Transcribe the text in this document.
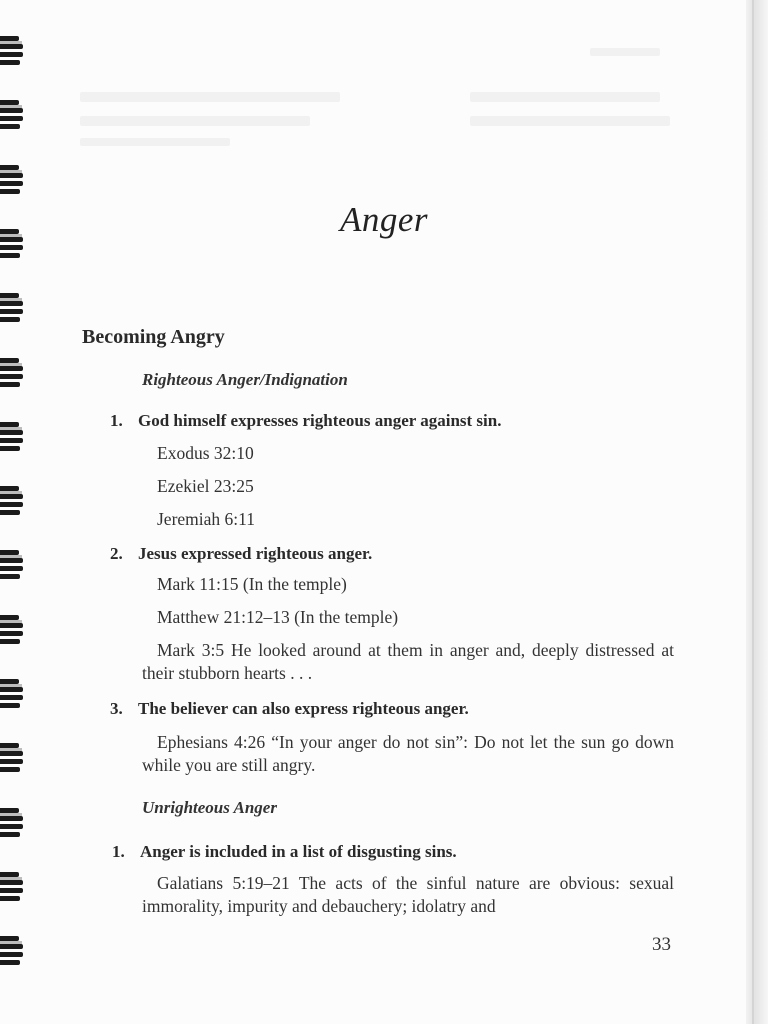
Anger
Becoming Angry
Righteous Anger/Indignation
1. God himself expresses righteous anger against sin.
Exodus 32:10
Ezekiel 23:25
Jeremiah 6:11
2. Jesus expressed righteous anger.
Mark 11:15 (In the temple)
Matthew 21:12–13 (In the temple)
Mark 3:5 He looked around at them in anger and, deeply distressed at their stubborn hearts . . .
3. The believer can also express righteous anger.
Ephesians 4:26 “In your anger do not sin”: Do not let the sun go down while you are still angry.
Unrighteous Anger
1. Anger is included in a list of disgusting sins.
Galatians 5:19–21 The acts of the sinful nature are obvious: sexual immorality, impurity and debauchery; idolatry and
33
